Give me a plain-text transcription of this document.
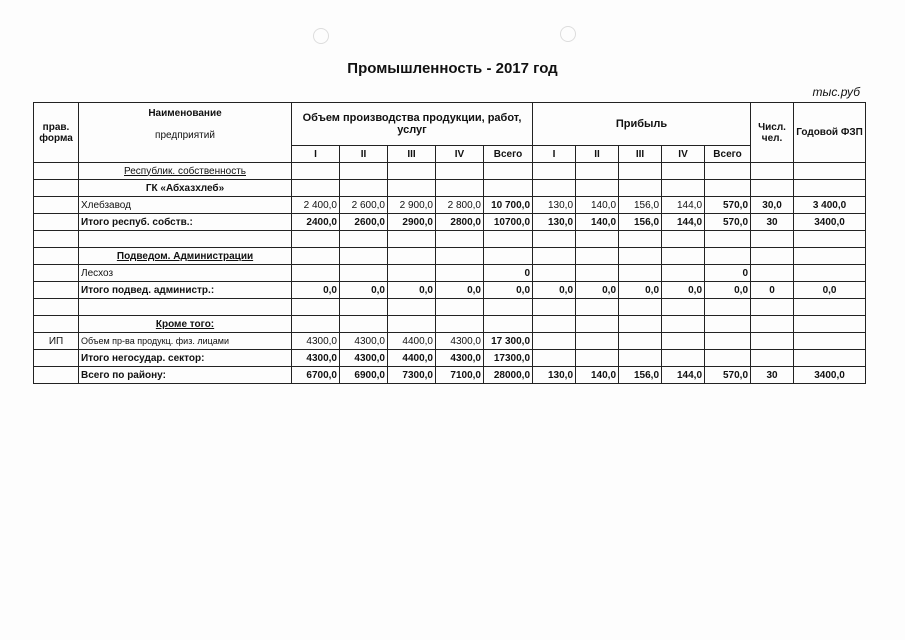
Промышленность - 2017 год
тыс.руб
прав. форма	Наименование
предприятий	Объем производства продукции, работ, услуг					Прибыль					Числ. чел.	Годовой ФЗП
		I	II	III	IV	Всего	I	II	III	IV	Всего		
	Республик. собственность												
	ГК «Абхазхлеб»												
	Хлебзавод	2 400,0	2 600,0	2 900,0	2 800,0	10 700,0	130,0	140,0	156,0	144,0	570,0	30,0	3 400,0
	Итого респуб. собств.:	2400,0	2600,0	2900,0	2800,0	10700,0	130,0	140,0	156,0	144,0	570,0	30	3400,0

	Подведом. Администрации												
	Лесхоз					0					0		
	Итого подвед. администр.:	0,0	0,0	0,0	0,0	0,0	0,0	0,0	0,0	0,0	0,0	0	0,0

	Кроме того:												
ИП	Объем пр-ва продукц. физ. лицами	4300,0	4300,0	4400,0	4300,0	17 300,0							
	Итого негосудар. сектор:	4300,0	4300,0	4400,0	4300,0	17300,0							
	Всего по району:	6700,0	6900,0	7300,0	7100,0	28000,0	130,0	140,0	156,0	144,0	570,0	30	3400,0
